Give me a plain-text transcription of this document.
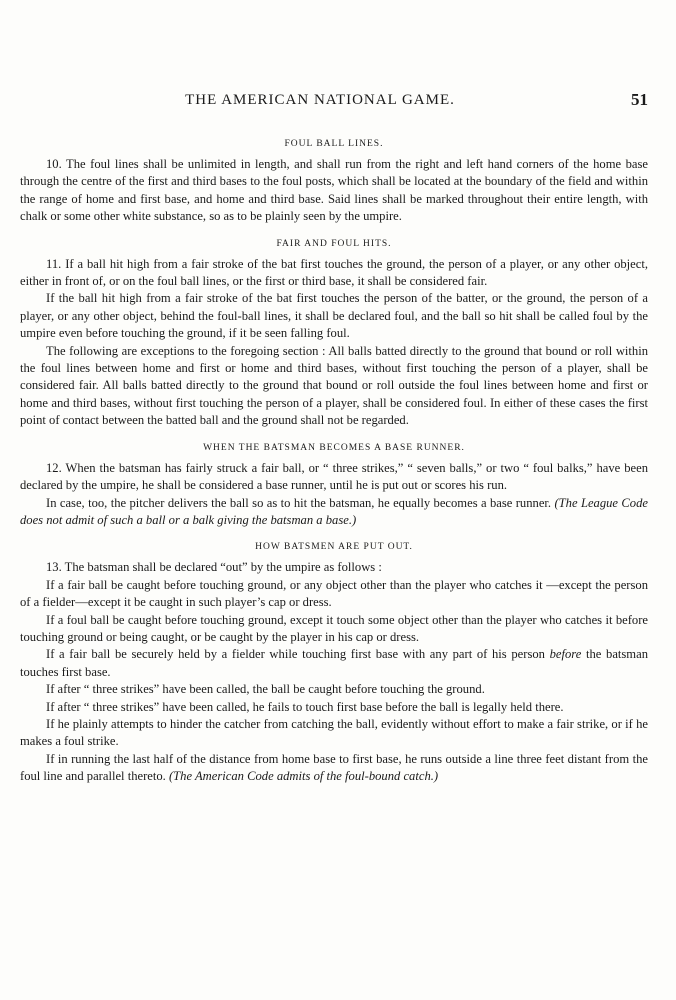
THE AMERICAN NATIONAL GAME.	51
FOUL BALL LINES.

10. The foul lines shall be unlimited in length, and shall run from the right and left hand corners of the home base through the centre of the first and third bases to the foul posts, which shall be located at the boundary of the field and within the range of home and first base, and home and third base. Said lines shall be marked throughout their entire length, with chalk or some other white substance, so as to be plainly seen by the umpire.

FAIR AND FOUL HITS.

11. If a ball hit high from a fair stroke of the bat first touches the ground, the person of a player, or any other object, either in front of, or on the foul ball lines, or the first or third base, it shall be considered fair.

If the ball hit high from a fair stroke of the bat first touches the person of the batter, or the ground, the person of a player, or any other object, behind the foul-ball lines, it shall be declared foul, and the ball so hit shall be called foul by the umpire even before touching the ground, if it be seen falling foul.

The following are exceptions to the foregoing section : All balls batted directly to the ground that bound or roll within the foul lines between home and first or home and third bases, without first touching the person of a player, shall be considered fair. All balls batted directly to the ground that bound or roll outside the foul lines between home and first or home and third bases, without first touching the person of a player, shall be considered foul. In either of these cases the first point of contact between the batted ball and the ground shall not be regarded.

WHEN THE BATSMAN BECOMES A BASE RUNNER.

12. When the batsman has fairly struck a fair ball, or “ three strikes,” “ seven balls,” or two “ foul balks,” have been declared by the umpire, he shall be considered a base runner, until he is put out or scores his run.

In case, too, the pitcher delivers the ball so as to hit the batsman, he equally becomes a base runner. (The League Code does not admit of such a ball or a balk giving the batsman a base.)

HOW BATSMEN ARE PUT OUT.

13. The batsman shall be declared “out” by the umpire as follows :

If a fair ball be caught before touching ground, or any object other than the player who catches it —except the person of a fielder—except it be caught in such player’s cap or dress.

If a foul ball be caught before touching ground, except it touch some object other than the player who catches it before touching ground or being caught, or be caught by the player in his cap or dress.

If a fair ball be securely held by a fielder while touching first base with any part of his person before the batsman touches first base.

If after “ three strikes” have been called, the ball be caught before touching the ground.

If after “ three strikes” have been called, he fails to touch first base before the ball is legally held there.

If he plainly attempts to hinder the catcher from catching the ball, evidently without effort to make a fair strike, or if he makes a foul strike.

If in running the last half of the distance from home base to first base, he runs outside a line three feet distant from the foul line and parallel thereto. (The American Code admits of the foul-bound catch.)
